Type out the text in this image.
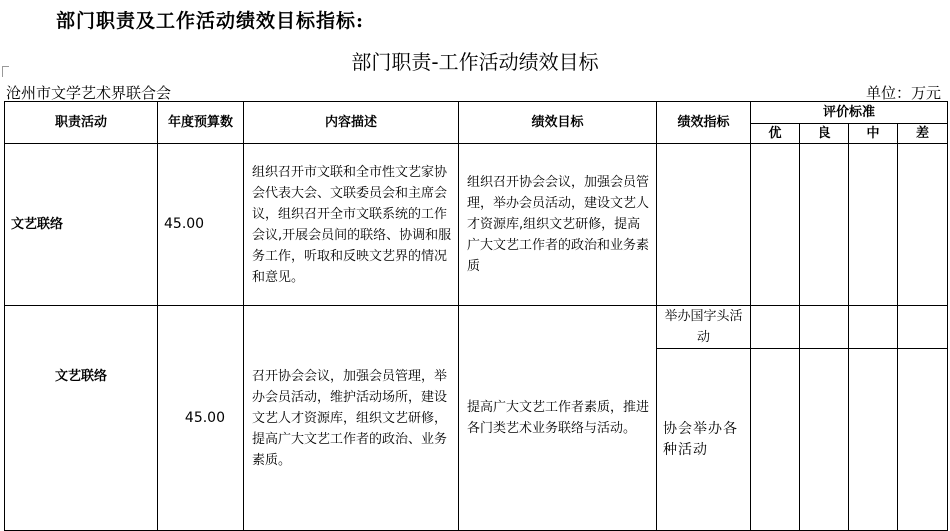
部门职责及工作活动绩效目标指标:
部门职责-工作活动绩效目标
沧州市文学艺术界联合会	单位：万元
职责活动	年度预算数	内容描述	绩效目标	绩效指标	评价标准			
					优	良	中	差
文艺联络	45.00	组织召开市文联和全市性文艺家协会代表大会、文联委员会和主席会议，组织召开全市文联系统的工作会议,开展会员间的联络、协调和服务工作，听取和反映文艺界的情况和意见。	组织召开协会会议，加强会员管理，举办会员活动，建设文艺人才资源库,组织文艺研修，提高广大文艺工作者的政治和业务素质					
文艺联络	45.00	召开协会会议，加强会员管理，举办会员活动，维护活动场所，建设文艺人才资源库，组织文艺研修，提高广大文艺工作者的政治、业务素质。	提高广大文艺工作者素质，推进各门类艺术业务联络与活动。	举办国字头活动				
				协会举办各种活动				
